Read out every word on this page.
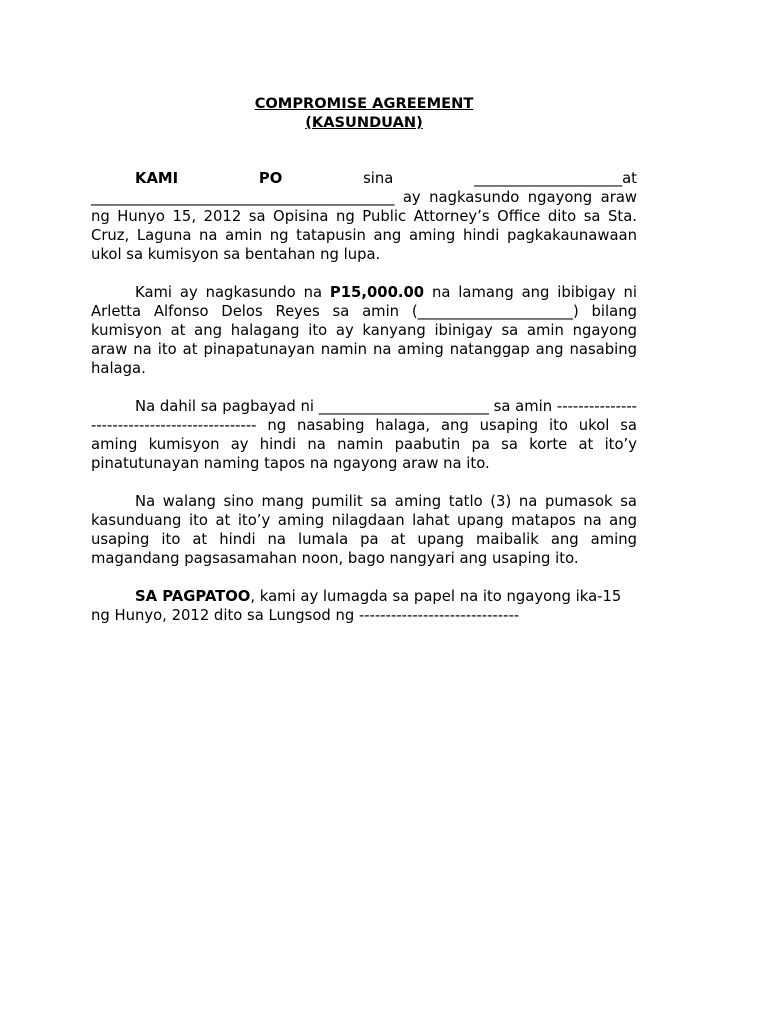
COMPROMISE AGREEMENT
(KASUNDUAN)
KAMI	PO	sina	____________________at
_________________________________________ ay nagkasundo ngayong araw ng Hunyo 15, 2012 sa Opisina ng Public Attorney’s Office dito sa Sta. Cruz, Laguna na amin ng tatapusin ang aming hindi pagkakaunawaan ukol sa kumisyon sa bentahan ng lupa.

Kami ay nagkasundo na P15,000.00 na lamang ang ibibigay ni Arletta Alfonso Delos Reyes sa amin (_____________________) bilang kumisyon at ang halagang ito ay kanyang ibinigay sa amin ngayong araw na ito at pinapatunayan namin na aming natanggap ang nasabing halaga.

Na dahil sa pagbayad ni _______________________ sa amin ---------------------------------------------- ng nasabing halaga, ang usaping ito ukol sa aming kumisyon ay hindi na namin paabutin pa sa korte at ito’y pinatutunayan naming tapos na ngayong araw na ito.

Na walang sino mang pumilit sa aming tatlo (3) na pumasok sa kasunduang ito at ito’y aming nilagdaan lahat upang matapos na ang usaping ito at hindi na lumala pa at upang maibalik ang aming magandang pagsasamahan noon, bago nangyari ang usaping ito.

SA PAGPATOO, kami ay lumagda sa papel na ito ngayong ika-15 ng Hunyo, 2012 dito sa Lungsod ng ------------------------------
